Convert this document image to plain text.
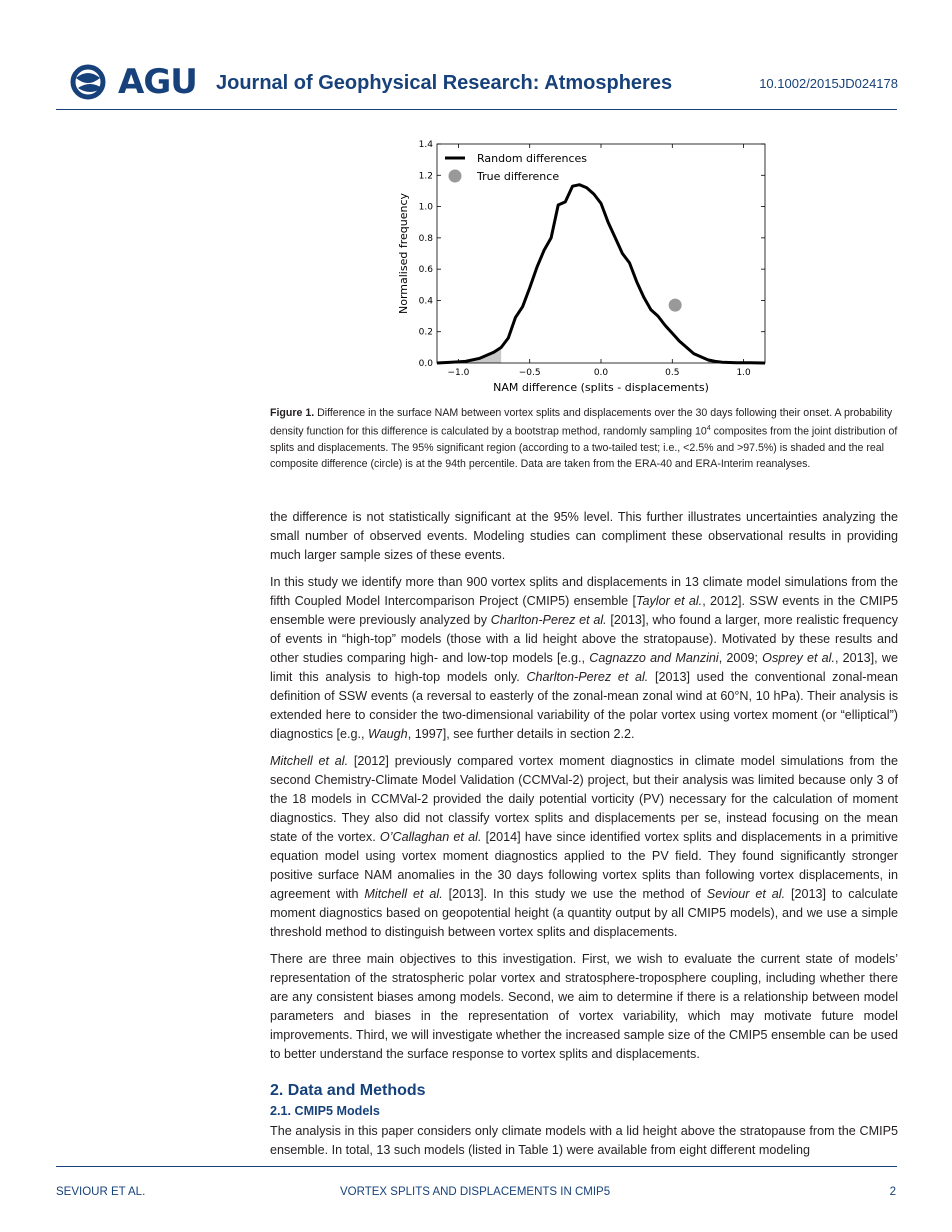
AGU Journal of Geophysical Research: Atmospheres	10.1002/2015JD024178
−1.0	−0.5	0.0	0.5	1.0
0.0
0.2
0.4
0.6
0.8
1.0
1.2
1.4
NAM difference (splits - displacements)
Normalised frequency
Random differences
True difference
Figure 1. Difference in the surface NAM between vortex splits and displacements over the 30 days following their onset. A probability density function for this difference is calculated by a bootstrap method, randomly sampling $10^4$ composites from the joint distribution of splits and displacements. The 95% significant region (according to a two-tailed test; i.e., <2.5% and >97.5%) is shaded and the real composite difference (circle) is at the 94th percentile. Data are taken from the ERA-40 and ERA-Interim reanalyses.

the difference is not statistically significant at the 95% level. This further illustrates uncertainties analyzing the small number of observed events. Modeling studies can compliment these observational results in providing much larger sample sizes of these events.

In this study we identify more than 900 vortex splits and displacements in 13 climate model simulations from the fifth Coupled Model Intercomparison Project (CMIP5) ensemble [Taylor et al., 2012]. SSW events in the CMIP5 ensemble were previously analyzed by Charlton-Perez et al. [2013], who found a larger, more realistic frequency of events in “high-top” models (those with a lid height above the stratopause). Motivated by these results and other studies comparing high- and low-top models [e.g., Cagnazzo and Manzini, 2009; Osprey et al., 2013], we limit this analysis to high-top models only. Charlton-Perez et al. [2013] used the conventional zonal-mean definition of SSW events (a reversal to easterly of the zonal-mean zonal wind at 60°N, 10 hPa). Their analysis is extended here to consider the two-dimensional variability of the polar vortex using vortex moment (or “elliptical”) diagnostics [e.g., Waugh, 1997], see further details in section 2.2.

Mitchell et al. [2012] previously compared vortex moment diagnostics in climate model simulations from the second Chemistry-Climate Model Validation (CCMVal-2) project, but their analysis was limited because only 3 of the 18 models in CCMVal-2 provided the daily potential vorticity (PV) necessary for the calculation of moment diagnostics. They also did not classify vortex splits and displacements per se, instead focusing on the mean state of the vortex. O’Callaghan et al. [2014] have since identified vortex splits and displacements in a primitive equation model using vortex moment diagnostics applied to the PV field. They found significantly stronger positive surface NAM anomalies in the 30 days following vortex splits than following vortex displacements, in agreement with Mitchell et al. [2013]. In this study we use the method of Seviour et al. [2013] to calculate moment diagnostics based on geopotential height (a quantity output by all CMIP5 models), and we use a simple threshold method to distinguish between vortex splits and displacements.

There are three main objectives to this investigation. First, we wish to evaluate the current state of models’ representation of the stratospheric polar vortex and stratosphere-troposphere coupling, including whether there are any consistent biases among models. Second, we aim to determine if there is a relationship between model parameters and biases in the representation of vortex variability, which may motivate future model improvements. Third, we will investigate whether the increased sample size of the CMIP5 ensemble can be used to better understand the surface response to vortex splits and displacements.

2. Data and Methods
2.1. CMIP5 Models

The analysis in this paper considers only climate models with a lid height above the stratopause from the CMIP5 ensemble. In total, 13 such models (listed in Table 1) were available from eight different modeling

SEVIOUR ET AL.	VORTEX SPLITS AND DISPLACEMENTS IN CMIP5	2
